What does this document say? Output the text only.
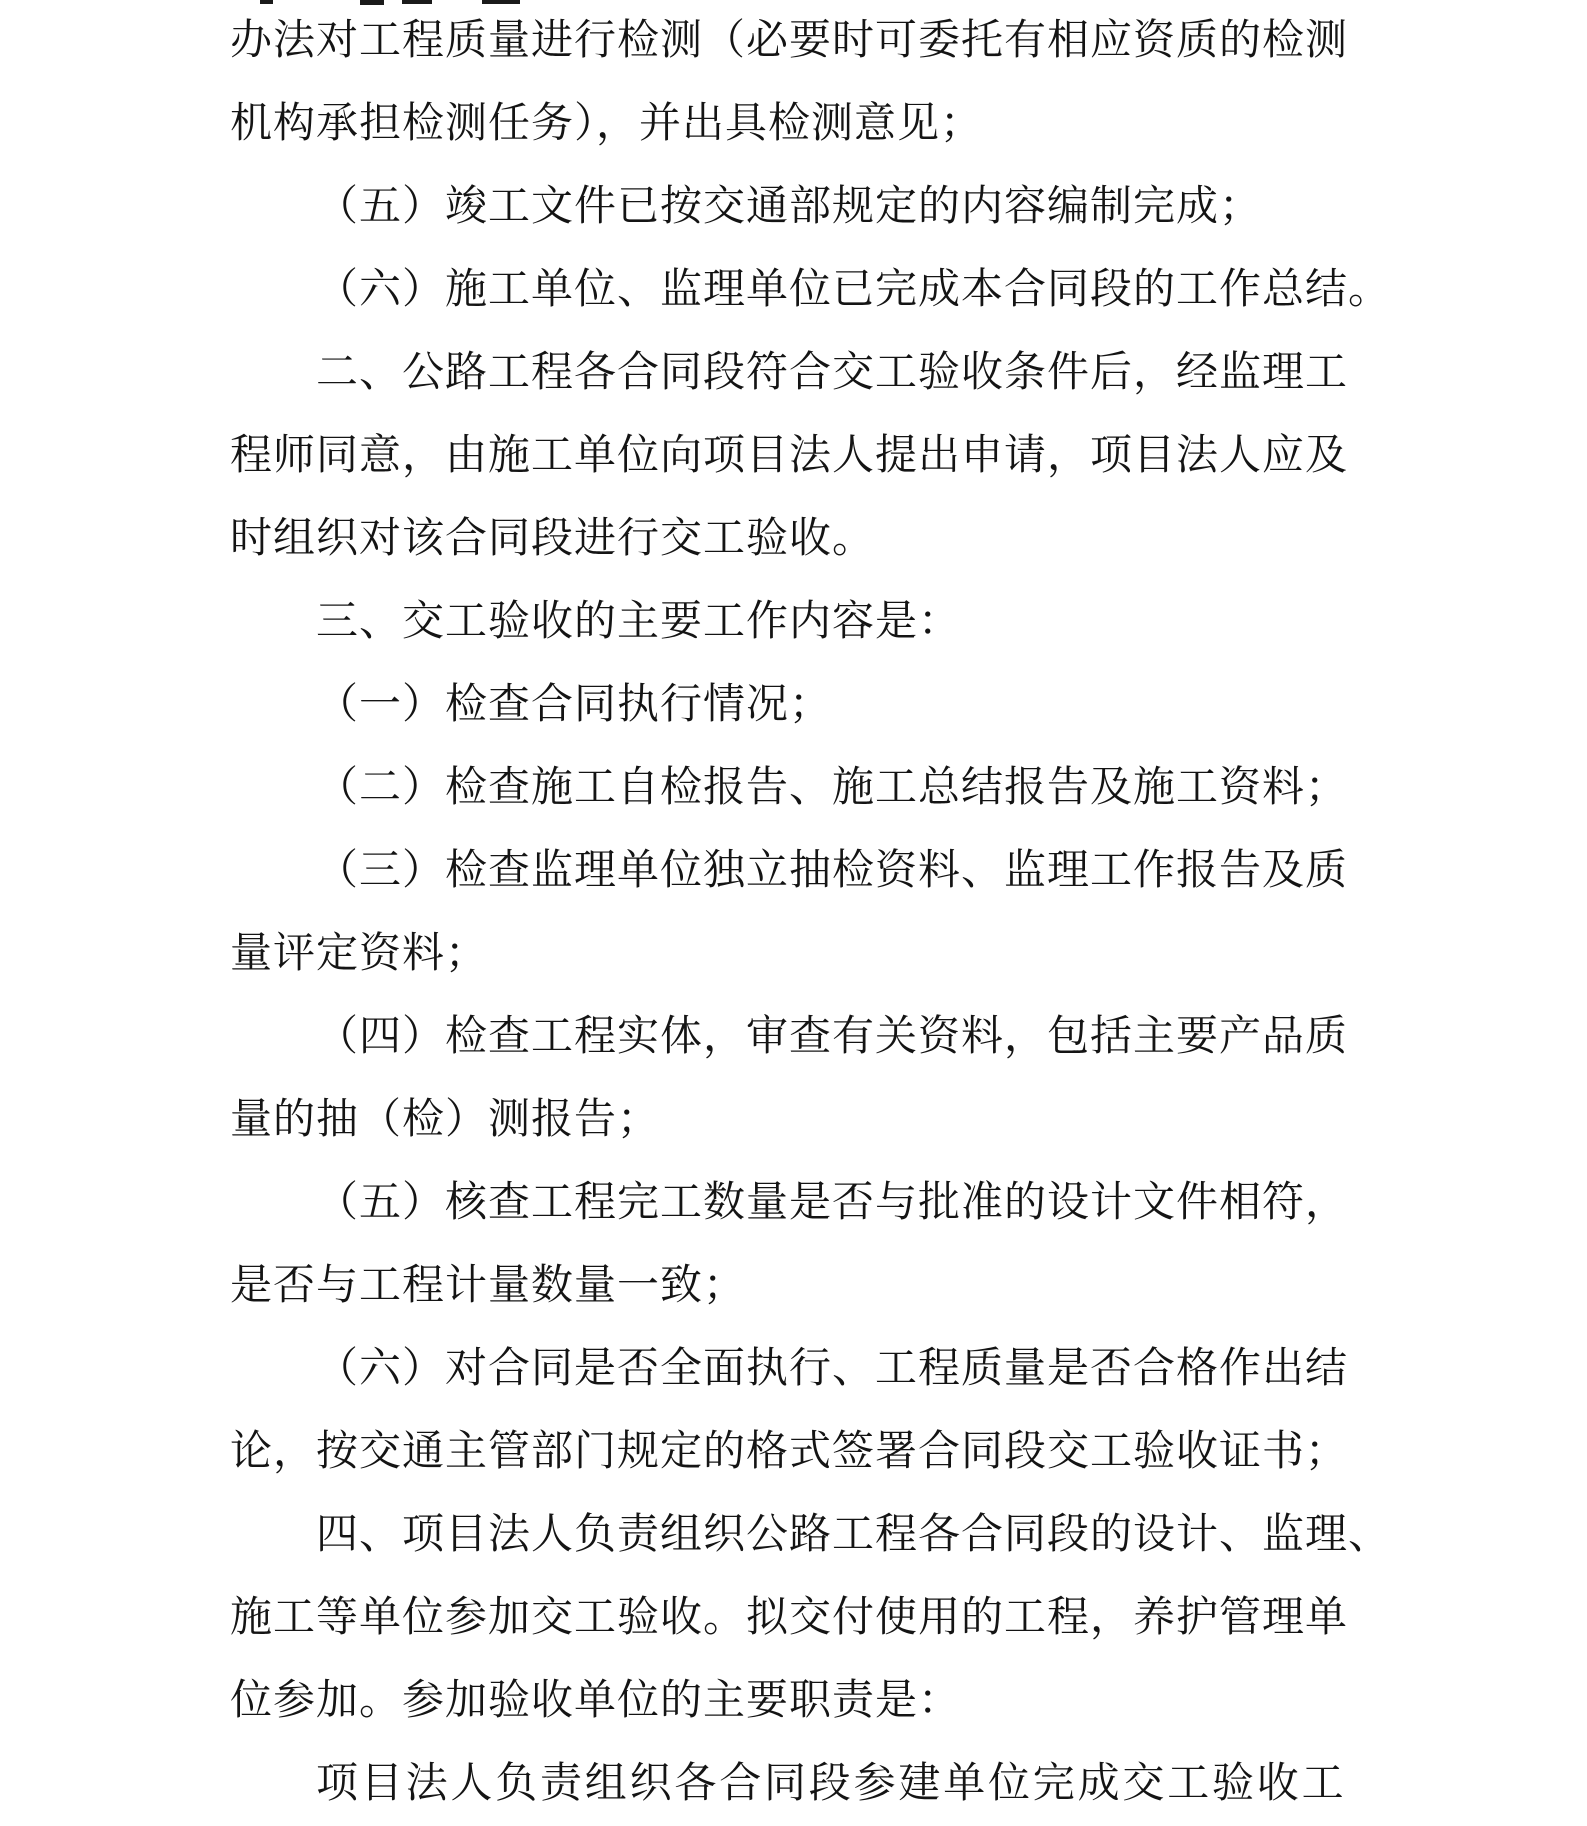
办法对工程质量进行检测（必要时可委托有相应资质的检测
机构承担检测任务），并出具检测意见；
（五）竣工文件已按交通部规定的内容编制完成；
（六）施工单位、监理单位已完成本合同段的工作总结。
二、公路工程各合同段符合交工验收条件后，经监理工
程师同意，由施工单位向项目法人提出申请，项目法人应及
时组织对该合同段进行交工验收。
三、交工验收的主要工作内容是：
（一）检查合同执行情况；
（二）检查施工自检报告、施工总结报告及施工资料；
（三）检查监理单位独立抽检资料、监理工作报告及质
量评定资料；
（四）检查工程实体，审查有关资料，包括主要产品质
量的抽（检）测报告；
（五）核查工程完工数量是否与批准的设计文件相符，
是否与工程计量数量一致；
（六）对合同是否全面执行、工程质量是否合格作出结
论，按交通主管部门规定的格式签署合同段交工验收证书；
四、项目法人负责组织公路工程各合同段的设计、监理、
施工等单位参加交工验收。拟交付使用的工程，养护管理单
位参加。参加验收单位的主要职责是：
项目法人负责组织各合同段参建单位完成交工验收工
